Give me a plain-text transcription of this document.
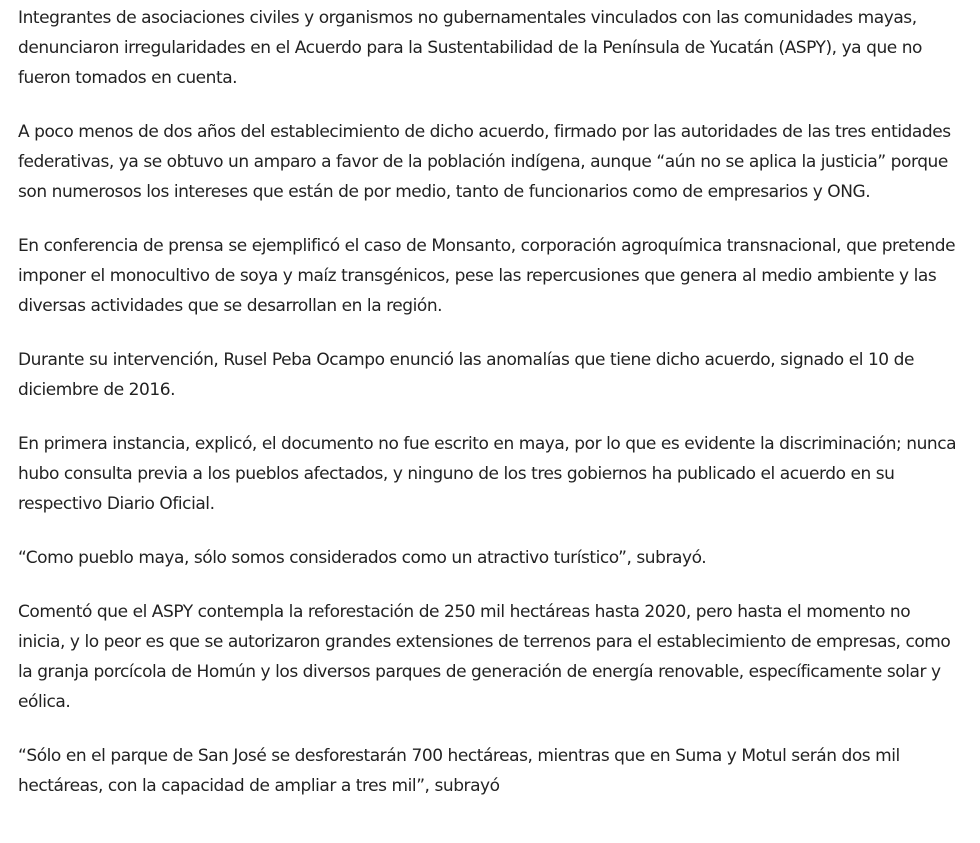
Integrantes de asociaciones civiles y organismos no gubernamentales vinculados con las comunidades mayas, denunciaron irregularidades en el Acuerdo para la Sustentabilidad de la Península de Yucatán (ASPY), ya que no fueron tomados en cuenta.

A poco menos de dos años del establecimiento de dicho acuerdo, firmado por las autoridades de las tres entidades federativas, ya se obtuvo un amparo a favor de la población indígena, aunque “aún no se aplica la justicia” porque son numerosos los intereses que están de por medio, tanto de funcionarios como de empresarios y ONG.

En conferencia de prensa se ejemplificó el caso de Monsanto, corporación agroquímica transnacional, que pretende imponer el monocultivo de soya y maíz transgénicos, pese las repercusiones que genera al medio ambiente y las diversas actividades que se desarrollan en la región.

Durante su intervención, Rusel Peba Ocampo enunció las anomalías que tiene dicho acuerdo, signado el 10 de diciembre de 2016.

En primera instancia, explicó, el documento no fue escrito en maya, por lo que es evidente la discriminación; nunca hubo consulta previa a los pueblos afectados, y ninguno de los tres gobiernos ha publicado el acuerdo en su respectivo Diario Oficial.

“Como pueblo maya, sólo somos considerados como un atractivo turístico”, subrayó.

Comentó que el ASPY contempla la reforestación de 250 mil hectáreas hasta 2020, pero hasta el momento no inicia, y lo peor es que se autorizaron grandes extensiones de terrenos para el establecimiento de empresas, como la granja porcícola de Homún y los diversos parques de generación de energía renovable, específicamente solar y eólica.

“Sólo en el parque de San José se desforestarán 700 hectáreas, mientras que en Suma y Motul serán dos mil hectáreas, con la capacidad de ampliar a tres mil”, subrayó
